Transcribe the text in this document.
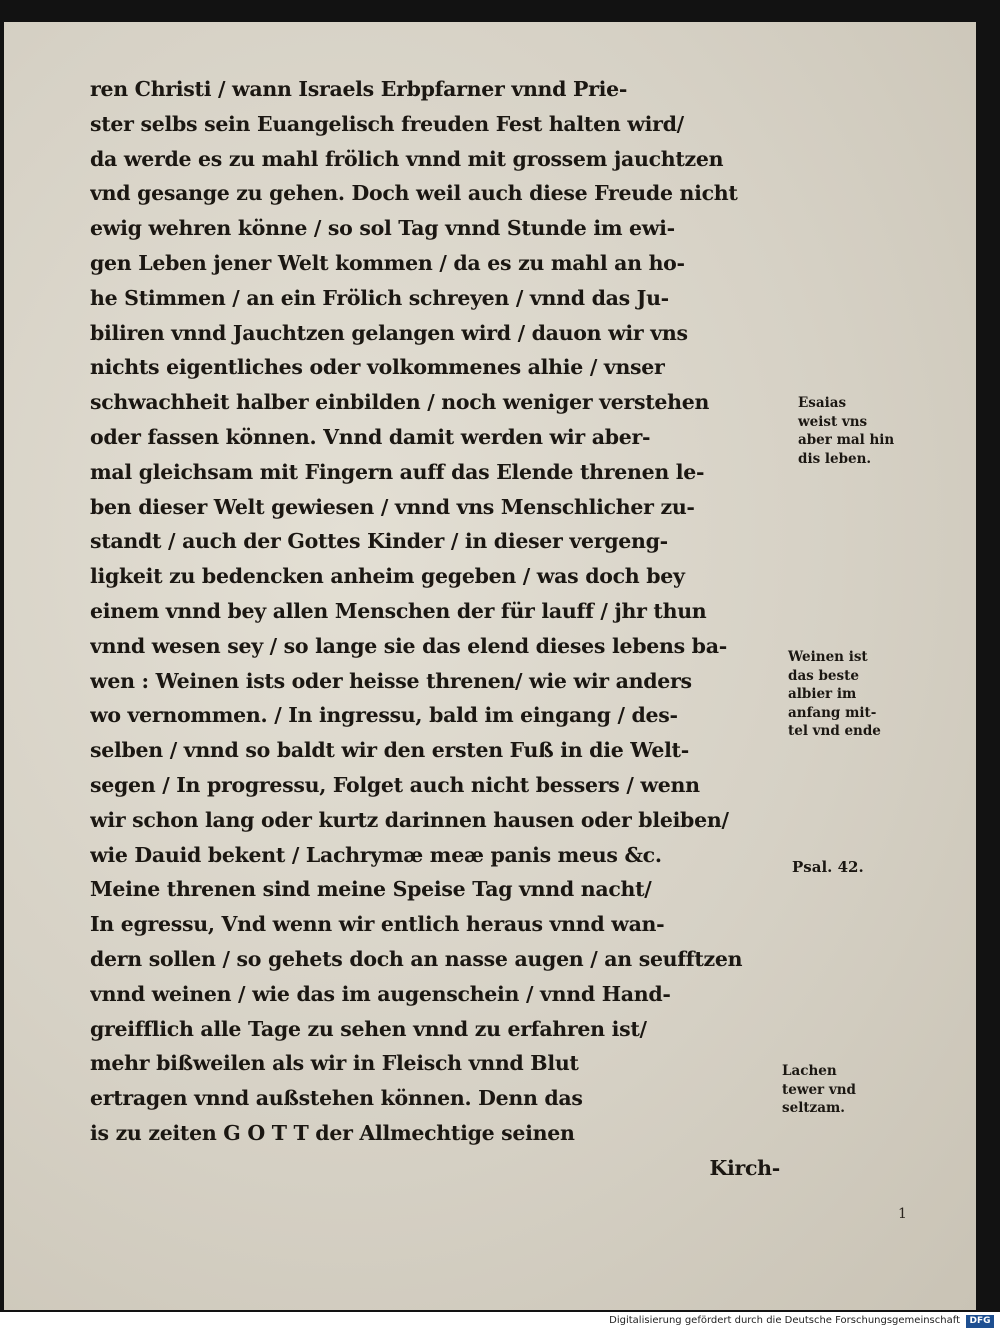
ren Christi / wann Israels Erbpfarner vnnd Prie-
ster selbs sein Euangelisch freuden Fest halten wird/
da werde es zu mahl frölich vnnd mit grossem jauchtzen
vnd gesange zu gehen. Doch weil auch diese Freude nicht
ewig wehren könne / so sol Tag vnnd Stunde im ewi-
gen Leben jener Welt kommen / da es zu mahl an ho-
he Stimmen / an ein Frölich schreyen / vnnd das Ju-
biliren vnnd Jauchtzen gelangen wird / dauon wir vns
nichts eigentliches oder volkommenes alhie / vnser
schwachheit halber einbilden / noch weniger verstehen
oder fassen können. Vnnd damit werden wir aber-
mal gleichsam mit Fingern auff das Elende threnen le-
ben dieser Welt gewiesen / vnnd vns Menschlicher zu-
standt / auch der Gottes Kinder / in dieser vergeng-
ligkeit zu bedencken anheim gegeben / was doch bey
einem vnnd bey allen Menschen der für lauff / jhr thun
vnnd wesen sey / so lange sie das elend dieses lebens ba-
wen : Weinen ists oder heisse threnen/ wie wir anders
wo vernommen. / In ingressu, bald im eingang / des-
selben / vnnd so baldt wir den ersten Fuß in die Welt-
segen / In progressu, Folget auch nicht bessers / wenn
wir schon lang oder kurtz darinnen hausen oder bleiben/
wie Dauid bekent / Lachrymæ meæ panis meus &c.
Meine threnen sind meine Speise Tag vnnd nacht/
In egressu, Vnd wenn wir entlich heraus vnnd wan-
dern sollen / so gehets doch an nasse augen / an seufftzen
vnnd weinen / wie das im augenschein / vnnd Hand-
greifflich alle Tage zu sehen vnnd zu erfahren ist/
mehr bißweilen als wir in Fleisch vnnd Blut
ertragen vnnd außstehen können. Denn das
is zu zeiten G O T T der Allmechtige seinen
Kirch-
Esaias
weist vns
aber mal hin
dis leben.
Weinen ist
das beste
albier im
anfang mit-
tel vnd ende
Psal. 42.
Lachen
tewer vnd
seltzam.
1
Digitalisierung gefördert durch die Deutsche Forschungsgemeinschaft	DFG
